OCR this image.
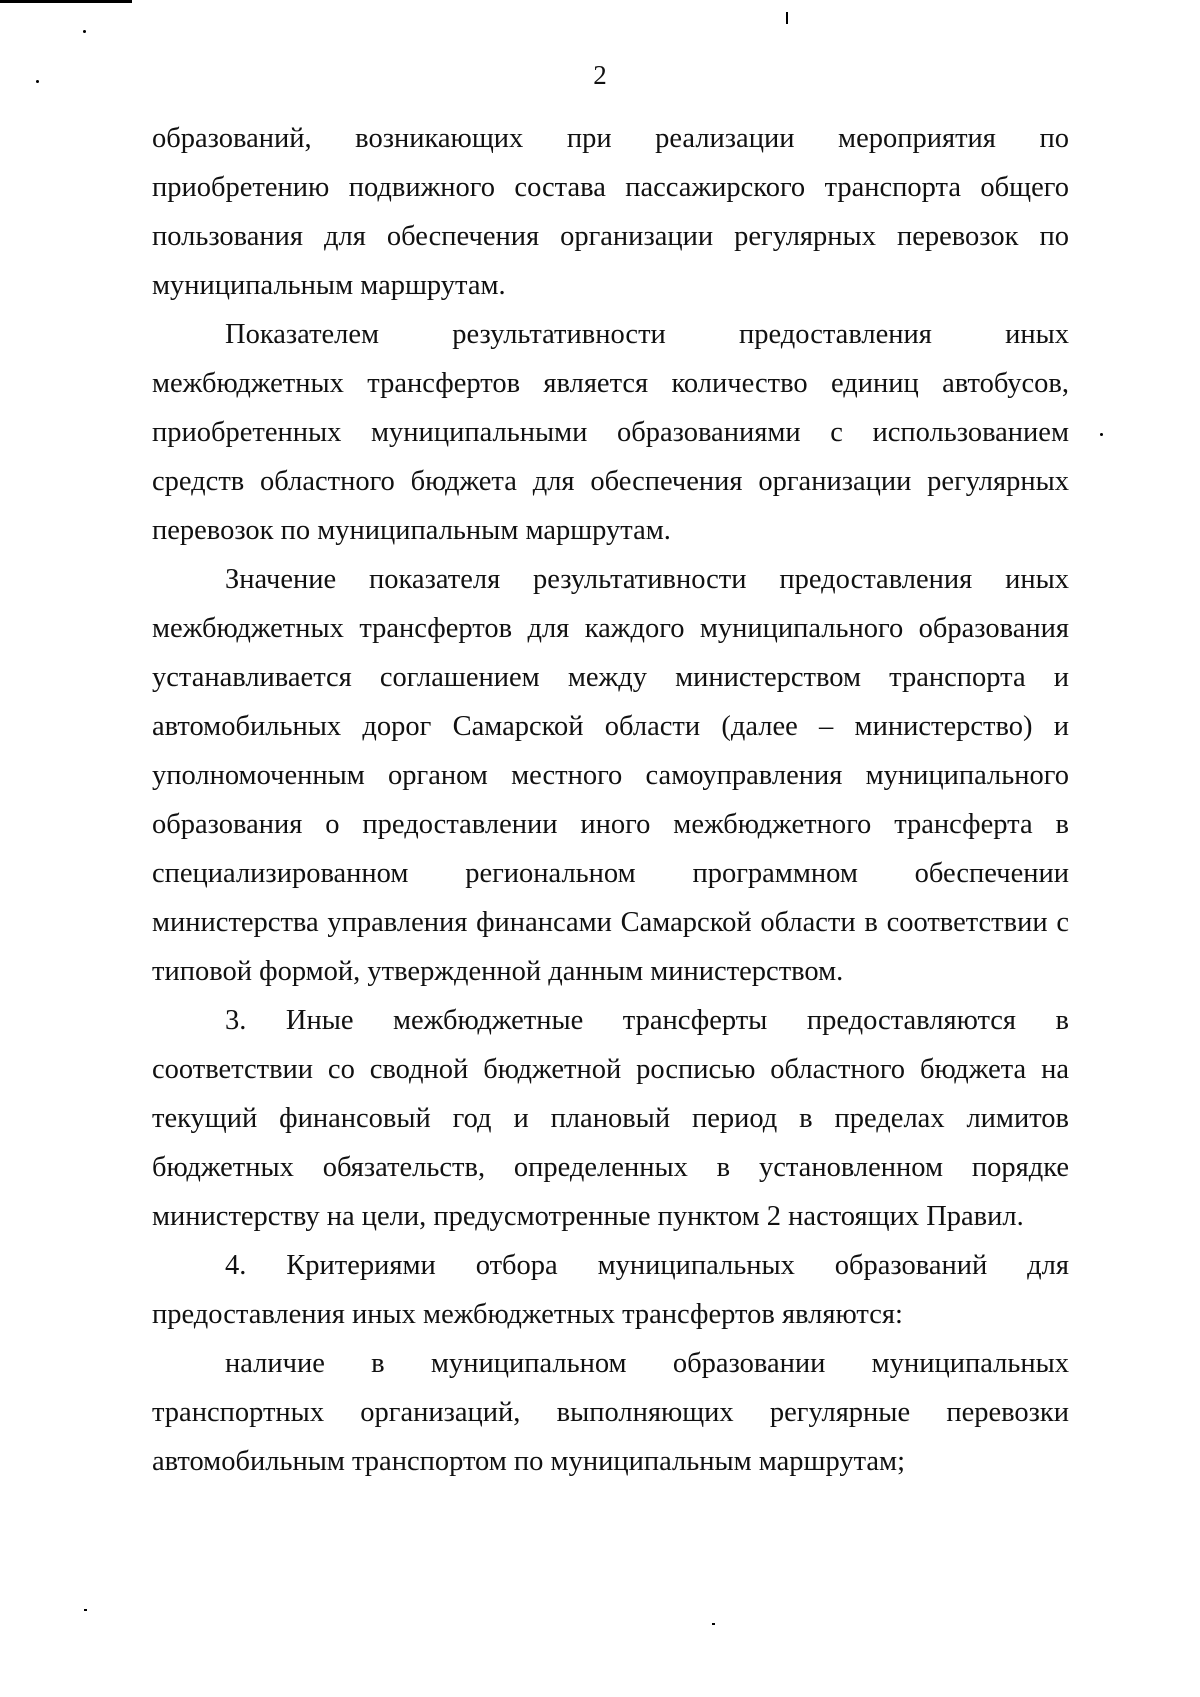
2

образований, возникающих при реализации мероприятия по приобретению подвижного состава пассажирского транспорта общего пользования для обеспечения организации регулярных перевозок по муниципальным маршрутам.

Показателем результативности предоставления иных межбюджетных трансфертов является количество единиц автобусов, приобретенных муниципальными образованиями с использованием средств областного бюджета для обеспечения организации регулярных перевозок по муниципальным маршрутам.

Значение показателя результативности предоставления иных межбюджетных трансфертов для каждого муниципального образования устанавливается соглашением между министерством транспорта и автомобильных дорог Самарской области (далее – министерство) и уполномоченным органом местного самоуправления муниципального образования о предоставлении иного межбюджетного трансферта в специализированном региональном программном обеспечении министерства управления финансами Самарской области в соответствии с типовой формой, утвержденной данным министерством.

3. Иные межбюджетные трансферты предоставляются в соответствии со сводной бюджетной росписью областного бюджета на текущий финансовый год и плановый период в пределах лимитов бюджетных обязательств, определенных в установленном порядке министерству на цели, предусмотренные пунктом 2 настоящих Правил.

4. Критериями отбора муниципальных образований для предоставления иных межбюджетных трансфертов являются:

наличие в муниципальном образовании муниципальных транспортных организаций, выполняющих регулярные перевозки автомобильным транспортом по муниципальным маршрутам;
